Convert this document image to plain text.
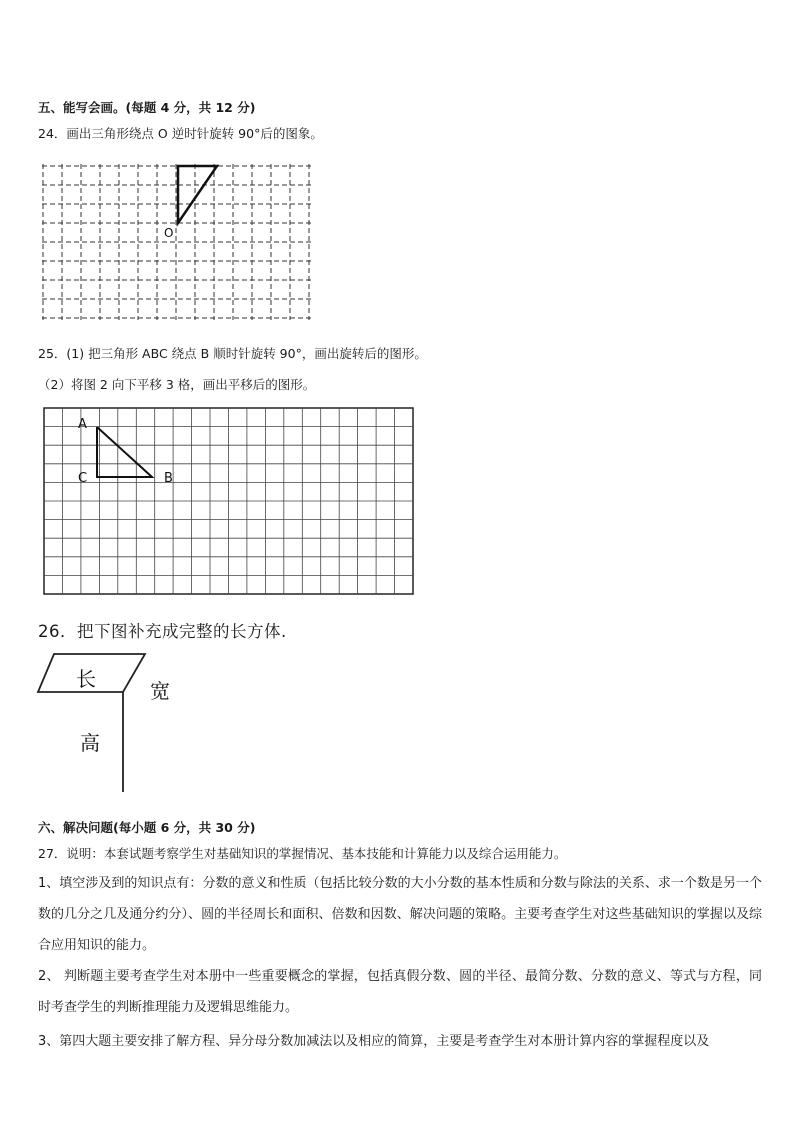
五、能写会画。(每题 4 分，共 12 分)
24．画出三角形绕点 O 逆时针旋转 90°后的图象。
O
25．(1) 把三角形 ABC 绕点 B 顺时针旋转 90°，画出旋转后的图形。
（2）将图 2 向下平移 3 格，画出平移后的图形。
A
C	B
26．把下图补充成完整的长方体.
长	宽
高
六、解决问题(每小题 6 分，共 30 分)
27．说明：本套试题考察学生对基础知识的掌握情况、基本技能和计算能力以及综合运用能力。
1、填空涉及到的知识点有：分数的意义和性质（包括比较分数的大小分数的基本性质和分数与除法的关系、求一个数是另一个数的几分之几及通分约分）、圆的半径周长和面积、倍数和因数、解决问题的策略。主要考查学生对这些基础知识的掌握以及综合应用知识的能力。
2、 判断题主要考查学生对本册中一些重要概念的掌握，包括真假分数、圆的半径、最简分数、分数的意义、等式与方程，同时考查学生的判断推理能力及逻辑思维能力。
3、第四大题主要安排了解方程、异分母分数加减法以及相应的简算，主要是考查学生对本册计算内容的掌握程度以及
